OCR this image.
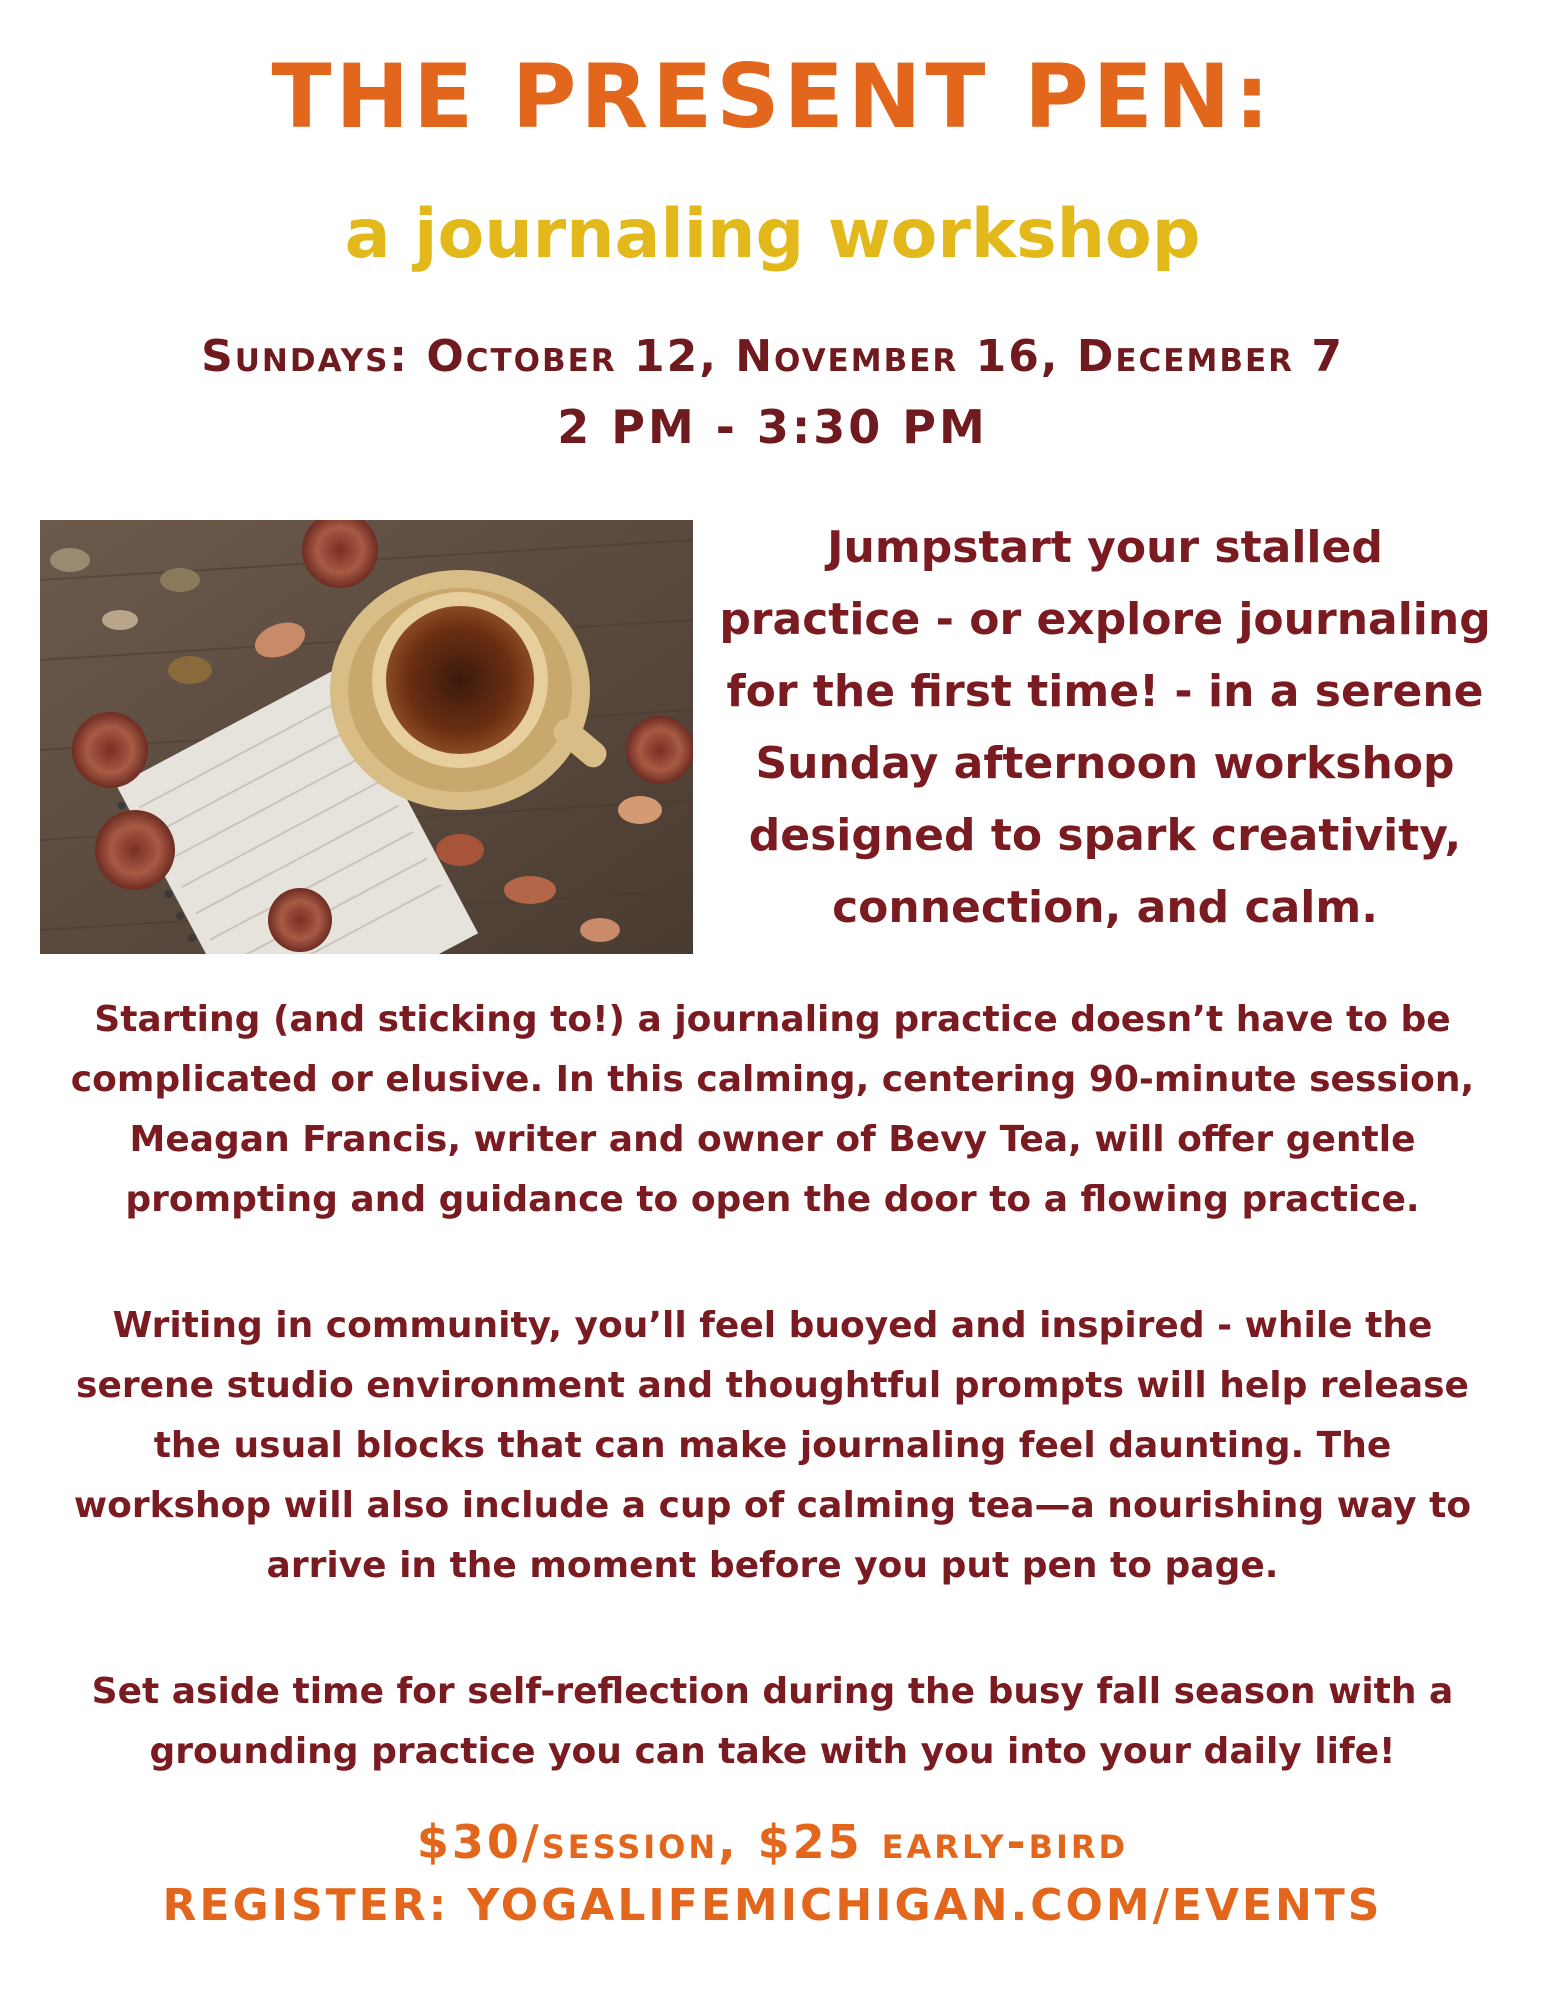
THE PRESENT PEN:
a journaling workshop
Sundays: October 12, November 16, December 7
2 PM - 3:30 PM
Jumpstart your stalled
practice - or explore journaling
for the first time! - in a serene
Sunday afternoon workshop
designed to spark creativity,
connection, and calm.
Starting (and sticking to!) a journaling practice doesn’t have to be
complicated or elusive. In this calming, centering 90-minute session,
Meagan Francis, writer and owner of Bevy Tea, will offer gentle
prompting and guidance to open the door to a flowing practice.
Writing in community, you’ll feel buoyed and inspired - while the
serene studio environment and thoughtful prompts will help release
the usual blocks that can make journaling feel daunting. The
workshop will also include a cup of calming tea—a nourishing way to
arrive in the moment before you put pen to page.
Set aside time for self-reflection during the busy fall season with a
grounding practice you can take with you into your daily life!
$30/session, $25 early-bird
REGISTER: YOGALIFEMICHIGAN.COM/EVENTS
